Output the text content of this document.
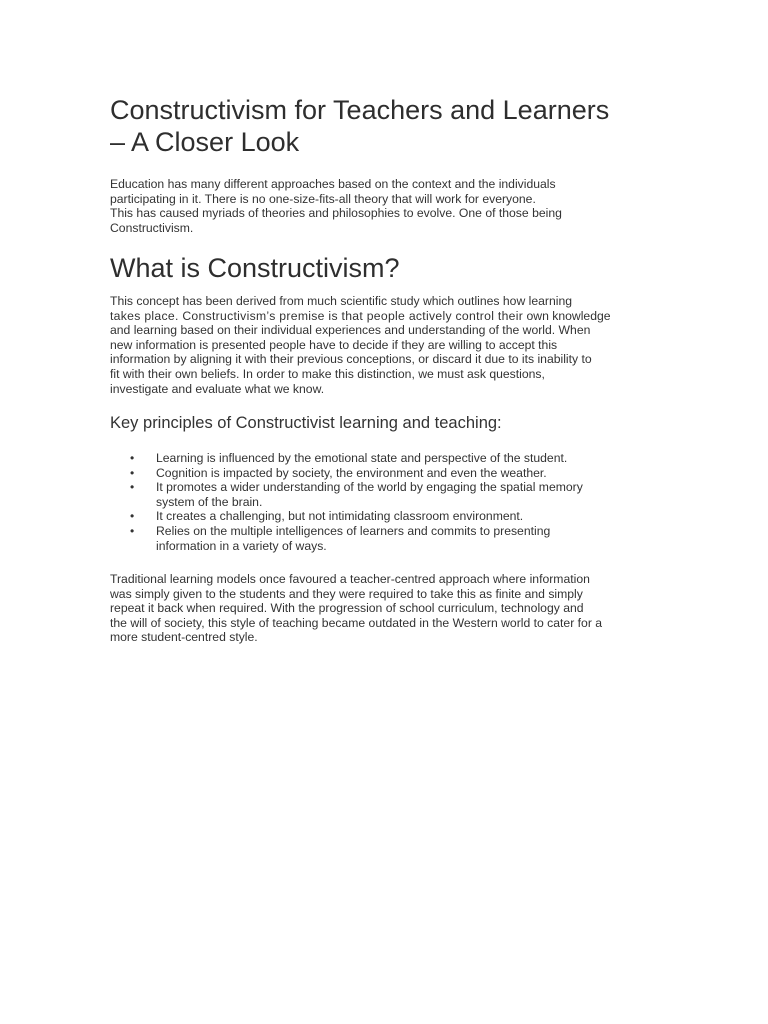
Constructivism for Teachers and Learners
– A Closer Look

Education has many different approaches based on the context and the individuals
participating in it. There is no one-size-fits-all theory that will work for everyone.
This has caused myriads of theories and philosophies to evolve. One of those being
Constructivism.

What is Constructivism?

This concept has been derived from much scientific study which outlines how learning
takes place. Constructivism’s premise is that people actively control their own knowledge
and learning based on their individual experiences and understanding of the world. When
new information is presented people have to decide if they are willing to accept this
information by aligning it with their previous conceptions, or discard it due to its inability to
fit with their own beliefs. In order to make this distinction, we must ask questions,
investigate and evaluate what we know.

Key principles of Constructivist learning and teaching:
•	Learning is influenced by the emotional state and perspective of the student.
•	Cognition is impacted by society, the environment and even the weather.
•	It promotes a wider understanding of the world by engaging the spatial memory
system of the brain.
•	It creates a challenging, but not intimidating classroom environment.
•	Relies on the multiple intelligences of learners and commits to presenting
information in a variety of ways.

Traditional learning models once favoured a teacher-centred approach where information
was simply given to the students and they were required to take this as finite and simply
repeat it back when required. With the progression of school curriculum, technology and
the will of society, this style of teaching became outdated in the Western world to cater for a
more student-centred style.
